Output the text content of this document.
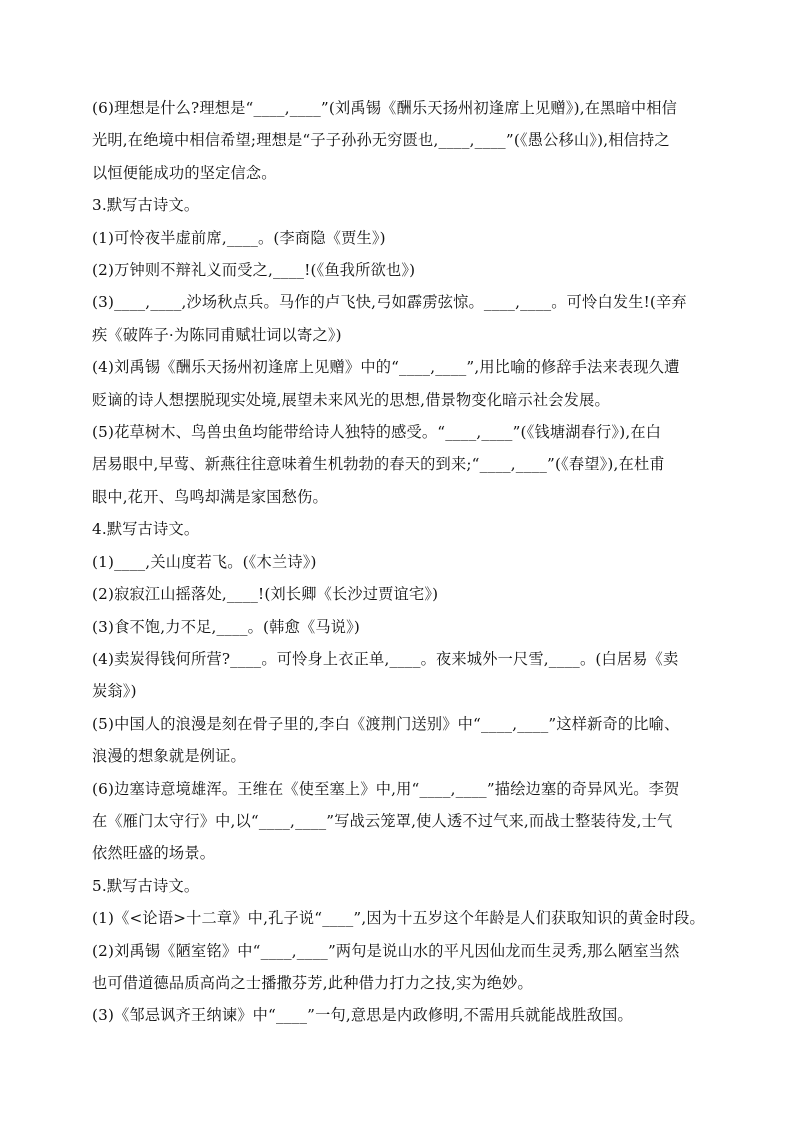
(6)理想是什么?理想是“____,____”(刘禹锡《酬乐天扬州初逢席上见赠》),在黑暗中相信

光明,在绝境中相信希望;理想是“子子孙孙无穷匮也,____,____”(《愚公移山》),相信持之

以恒便能成功的坚定信念。

3.默写古诗文。

(1)可怜夜半虚前席,____。(李商隐《贾生》)

(2)万钟则不辩礼义而受之,____!(《鱼我所欲也》)

(3)____,____,沙场秋点兵。马作的卢飞快,弓如霹雳弦惊。____,____。可怜白发生!(辛弃

疾《破阵子·为陈同甫赋壮词以寄之》)

(4)刘禹锡《酬乐天扬州初逢席上见赠》中的“____,____”,用比喻的修辞手法来表现久遭

贬谪的诗人想摆脱现实处境,展望未来风光的思想,借景物变化暗示社会发展。

(5)花草树木、鸟兽虫鱼均能带给诗人独特的感受。“____,____”(《钱塘湖春行》),在白

居易眼中,早莺、新燕往往意味着生机勃勃的春天的到来;“____,____”(《春望》),在杜甫

眼中,花开、鸟鸣却满是家国愁伤。

4.默写古诗文。

(1)____,关山度若飞。(《木兰诗》)

(2)寂寂江山摇落处,____!(刘长卿《长沙过贾谊宅》)

(3)食不饱,力不足,____。(韩愈《马说》)

(4)卖炭得钱何所营?____。可怜身上衣正单,____。夜来城外一尺雪,____。(白居易《卖

炭翁》)

(5)中国人的浪漫是刻在骨子里的,李白《渡荆门送别》中“____,____”这样新奇的比喻、

浪漫的想象就是例证。

(6)边塞诗意境雄浑。王维在《使至塞上》中,用“____,____”描绘边塞的奇异风光。李贺

在《雁门太守行》中,以“____,____”写战云笼罩,使人透不过气来,而战士整装待发,士气

依然旺盛的场景。

5.默写古诗文。

(1)《<论语>十二章》中,孔子说“____”,因为十五岁这个年龄是人们获取知识的黄金时段。

(2)刘禹锡《陋室铭》中“____,____”两句是说山水的平凡因仙龙而生灵秀,那么陋室当然

也可借道德品质高尚之士播撒芬芳,此种借力打力之技,实为绝妙。

(3)《邹忌讽齐王纳谏》中“____”一句,意思是内政修明,不需用兵就能战胜敌国。
